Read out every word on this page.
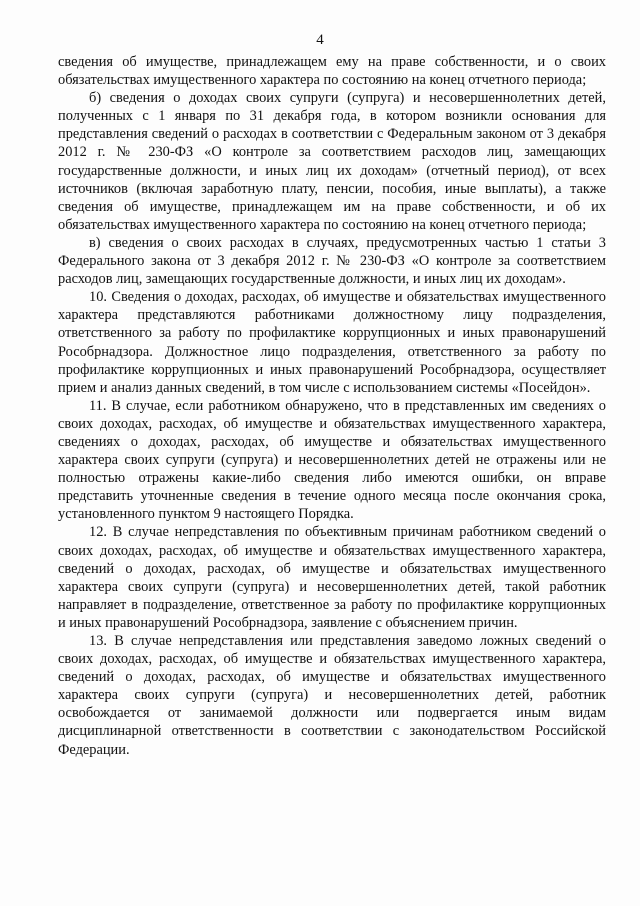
4

сведения об имуществе, принадлежащем ему на праве собственности, и о своих обязательствах имущественного характера по состоянию на конец отчетного периода;

б) сведения о доходах своих супруги (супруга) и несовершеннолетних детей, полученных с 1 января по 31 декабря года, в котором возникли основания для представления сведений о расходах в соответствии с Федеральным законом от 3 декабря 2012 г. № 230-ФЗ «О контроле за соответствием расходов лиц, замещающих государственные должности, и иных лиц их доходам» (отчетный период), от всех источников (включая заработную плату, пенсии, пособия, иные выплаты), а также сведения об имуществе, принадлежащем им на праве собственности, и об их обязательствах имущественного характера по состоянию на конец отчетного периода;

в) сведения о своих расходах в случаях, предусмотренных частью 1 статьи 3 Федерального закона от 3 декабря 2012 г. № 230-ФЗ «О контроле за соответствием расходов лиц, замещающих государственные должности, и иных лиц их доходам».

10. Сведения о доходах, расходах, об имуществе и обязательствах имущественного характера представляются работниками должностному лицу подразделения, ответственного за работу по профилактике коррупционных и иных правонарушений Рособрнадзора. Должностное лицо подразделения, ответственного за работу по профилактике коррупционных и иных правонарушений Рособрнадзора, осуществляет прием и анализ данных сведений, в том числе с использованием системы «Посейдон».

11. В случае, если работником обнаружено, что в представленных им сведениях о своих доходах, расходах, об имуществе и обязательствах имущественного характера, сведениях о доходах, расходах, об имуществе и обязательствах имущественного характера своих супруги (супруга) и несовершеннолетних детей не отражены или не полностью отражены какие-либо сведения либо имеются ошибки, он вправе представить уточненные сведения в течение одного месяца после окончания срока, установленного пунктом 9 настоящего Порядка.

12. В случае непредставления по объективным причинам работником сведений о своих доходах, расходах, об имуществе и обязательствах имущественного характера, сведений о доходах, расходах, об имуществе и обязательствах имущественного характера своих супруги (супруга) и несовершеннолетних детей, такой работник направляет в подразделение, ответственное за работу по профилактике коррупционных и иных правонарушений Рособрнадзора, заявление с объяснением причин.

13. В случае непредставления или представления заведомо ложных сведений о своих доходах, расходах, об имуществе и обязательствах имущественного характера, сведений о доходах, расходах, об имуществе и обязательствах имущественного характера своих супруги (супруга) и несовершеннолетних детей, работник освобождается от занимаемой должности или подвергается иным видам дисциплинарной ответственности в соответствии с законодательством Российской Федерации.
